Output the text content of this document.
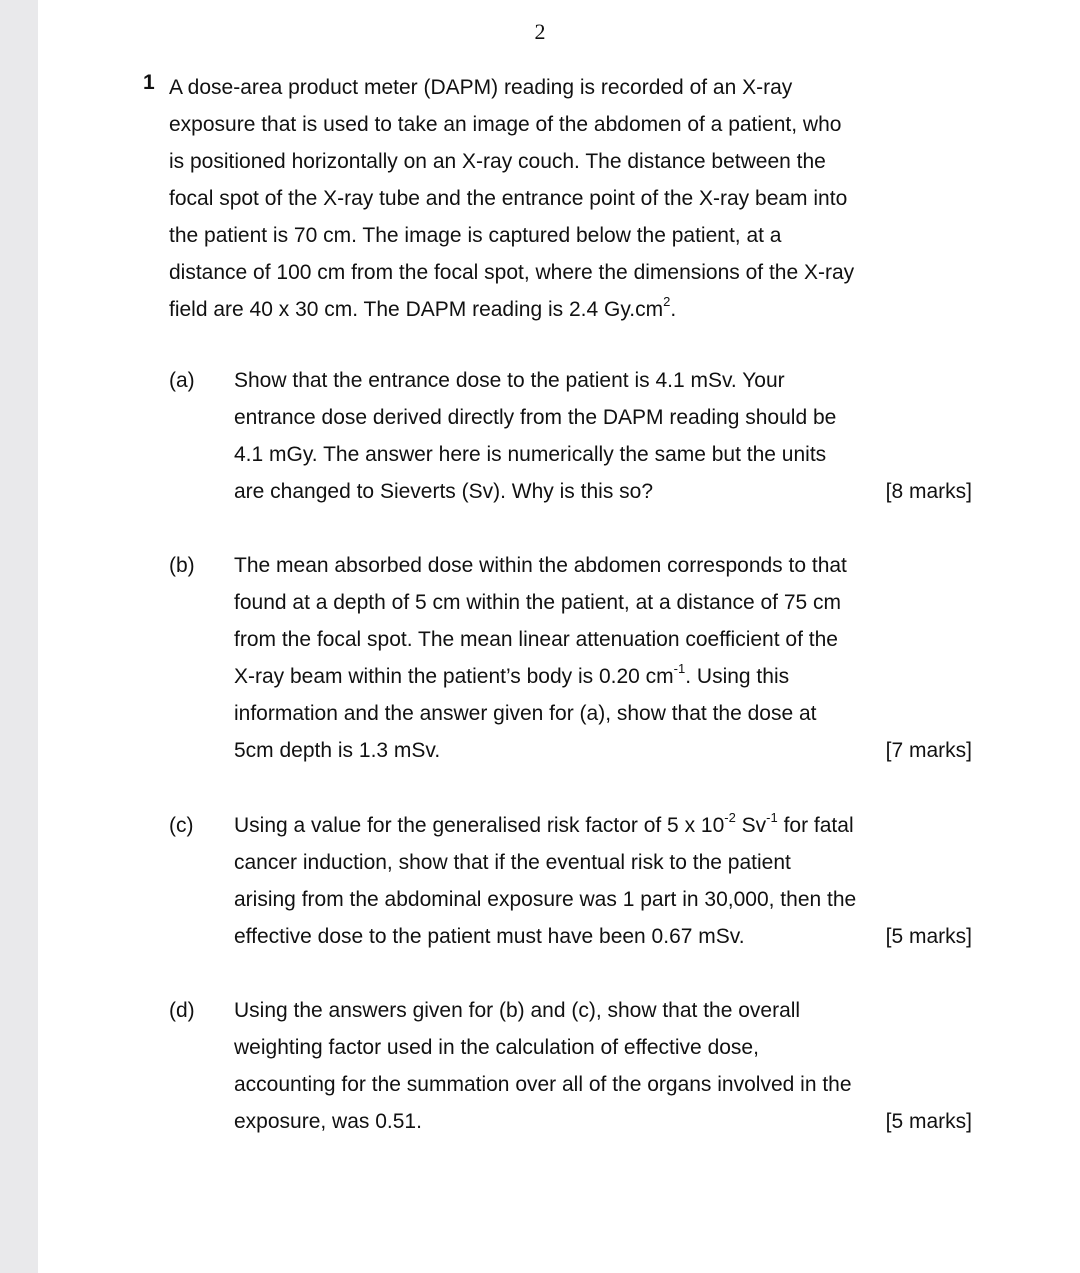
2
1 A dose-area product meter (DAPM) reading is recorded of an X-ray
exposure that is used to take an image of the abdomen of a patient, who
is positioned horizontally on an X-ray couch. The distance between the
focal spot of the X-ray tube and the entrance point of the X-ray beam into
the patient is 70 cm. The image is captured below the patient, at a
distance of 100 cm from the focal spot, where the dimensions of the X-ray
field are 40 x 30 cm. The DAPM reading is 2.4 $Gy.cm^2$.
(a) Show that the entrance dose to the patient is 4.1 mSv. Your
entrance dose derived directly from the DAPM reading should be
4.1 mGy. The answer here is numerically the same but the units
are changed to Sieverts (Sv). Why is this so?	[8 marks]
(b) The mean absorbed dose within the abdomen corresponds to that
found at a depth of 5 cm within the patient, at a distance of 75 cm
from the focal spot. The mean linear attenuation coefficient of the
X-ray beam within the patient’s body is 0.20 $cm^{-1}$. Using this
information and the answer given for (a), show that the dose at
5cm depth is 1.3 mSv.	[7 marks]
(c) Using a value for the generalised risk factor of 5 x $10^{-2}$ $Sv^{-1}$ for fatal
cancer induction, show that if the eventual risk to the patient
arising from the abdominal exposure was 1 part in 30,000, then the
effective dose to the patient must have been 0.67 mSv.	[5 marks]
(d) Using the answers given for (b) and (c), show that the overall
weighting factor used in the calculation of effective dose,
accounting for the summation over all of the organs involved in the
exposure, was 0.51.	[5 marks]
